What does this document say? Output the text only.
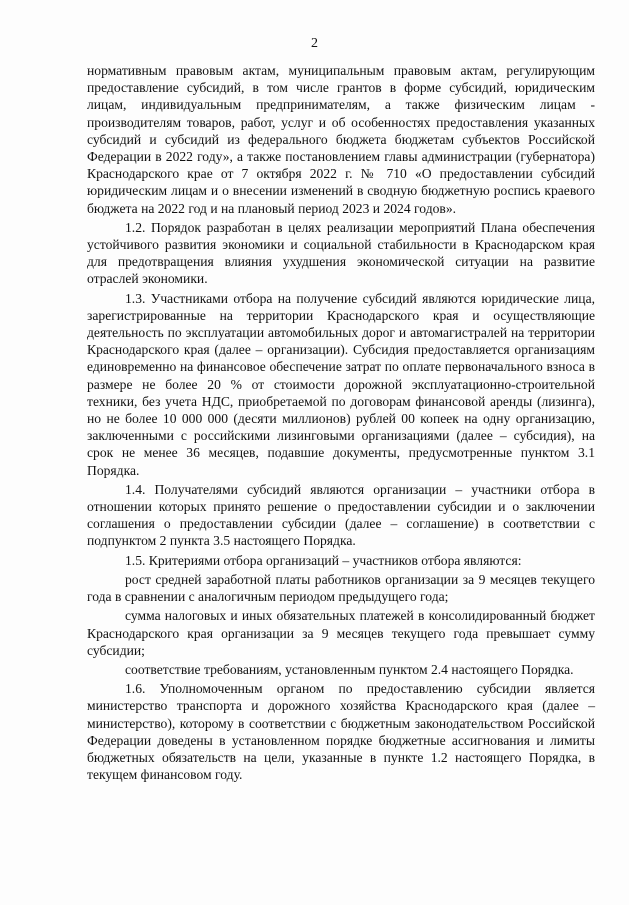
2

нормативным правовым актам, муниципальным правовым актам, регулирующим предоставление субсидий, в том числе грантов в форме субсидий, юридическим лицам, индивидуальным предпринимателям, а также физическим лицам - производителям товаров, работ, услуг и об особенностях предоставления указанных субсидий и субсидий из федерального бюджета бюджетам субъектов Российской Федерации в 2022 году», а также постановлением главы администрации (губернатора) Краснодарского крае от 7 октября 2022 г. № 710 «О предоставлении субсидий юридическим лицам и о внесении изменений в сводную бюджетную роспись краевого бюджета на 2022 год и на плановый период 2023 и 2024 годов».

1.2. Порядок разработан в целях реализации мероприятий Плана обеспечения устойчивого развития экономики и социальной стабильности в Краснодарском края для предотвращения влияния ухудшения экономической ситуации на развитие отраслей экономики.

1.3. Участниками отбора на получение субсидий являются юридические лица, зарегистрированные на территории Краснодарского края и осуществляющие деятельность по эксплуатации автомобильных дорог и автомагистралей на территории Краснодарского края (далее – организации). Субсидия предоставляется организациям единовременно на финансовое обеспечение затрат по оплате первоначального взноса в размере не более 20 % от стоимости дорожной эксплуатационно-строительной техники, без учета НДС, приобретаемой по договорам финансовой аренды (лизинга), но не более 10 000 000 (десяти миллионов) рублей 00 копеек на одну организацию, заключенными с российскими лизинговыми организациями (далее – субсидия), на срок не менее 36 месяцев, подавшие документы, предусмотренные пунктом 3.1 Порядка.

1.4. Получателями субсидий являются организации – участники отбора в отношении которых принято решение о предоставлении субсидии и о заключении соглашения о предоставлении субсидии (далее – соглашение) в соответствии с подпунктом 2 пункта 3.5 настоящего Порядка.

1.5. Критериями отбора организаций – участников отбора являются:

рост средней заработной платы работников организации за 9 месяцев текущего года в сравнении с аналогичным периодом предыдущего года;

сумма налоговых и иных обязательных платежей в консолидированный бюджет Краснодарского края организации за 9 месяцев текущего года превышает сумму субсидии;

соответствие требованиям, установленным пунктом 2.4 настоящего Порядка.

1.6. Уполномоченным органом по предоставлению субсидии является министерство транспорта и дорожного хозяйства Краснодарского края (далее – министерство), которому в соответствии с бюджетным законодательством Российской Федерации доведены в установленном порядке бюджетные ассигнования и лимиты бюджетных обязательств на цели, указанные в пункте 1.2 настоящего Порядка, в текущем финансовом году.
